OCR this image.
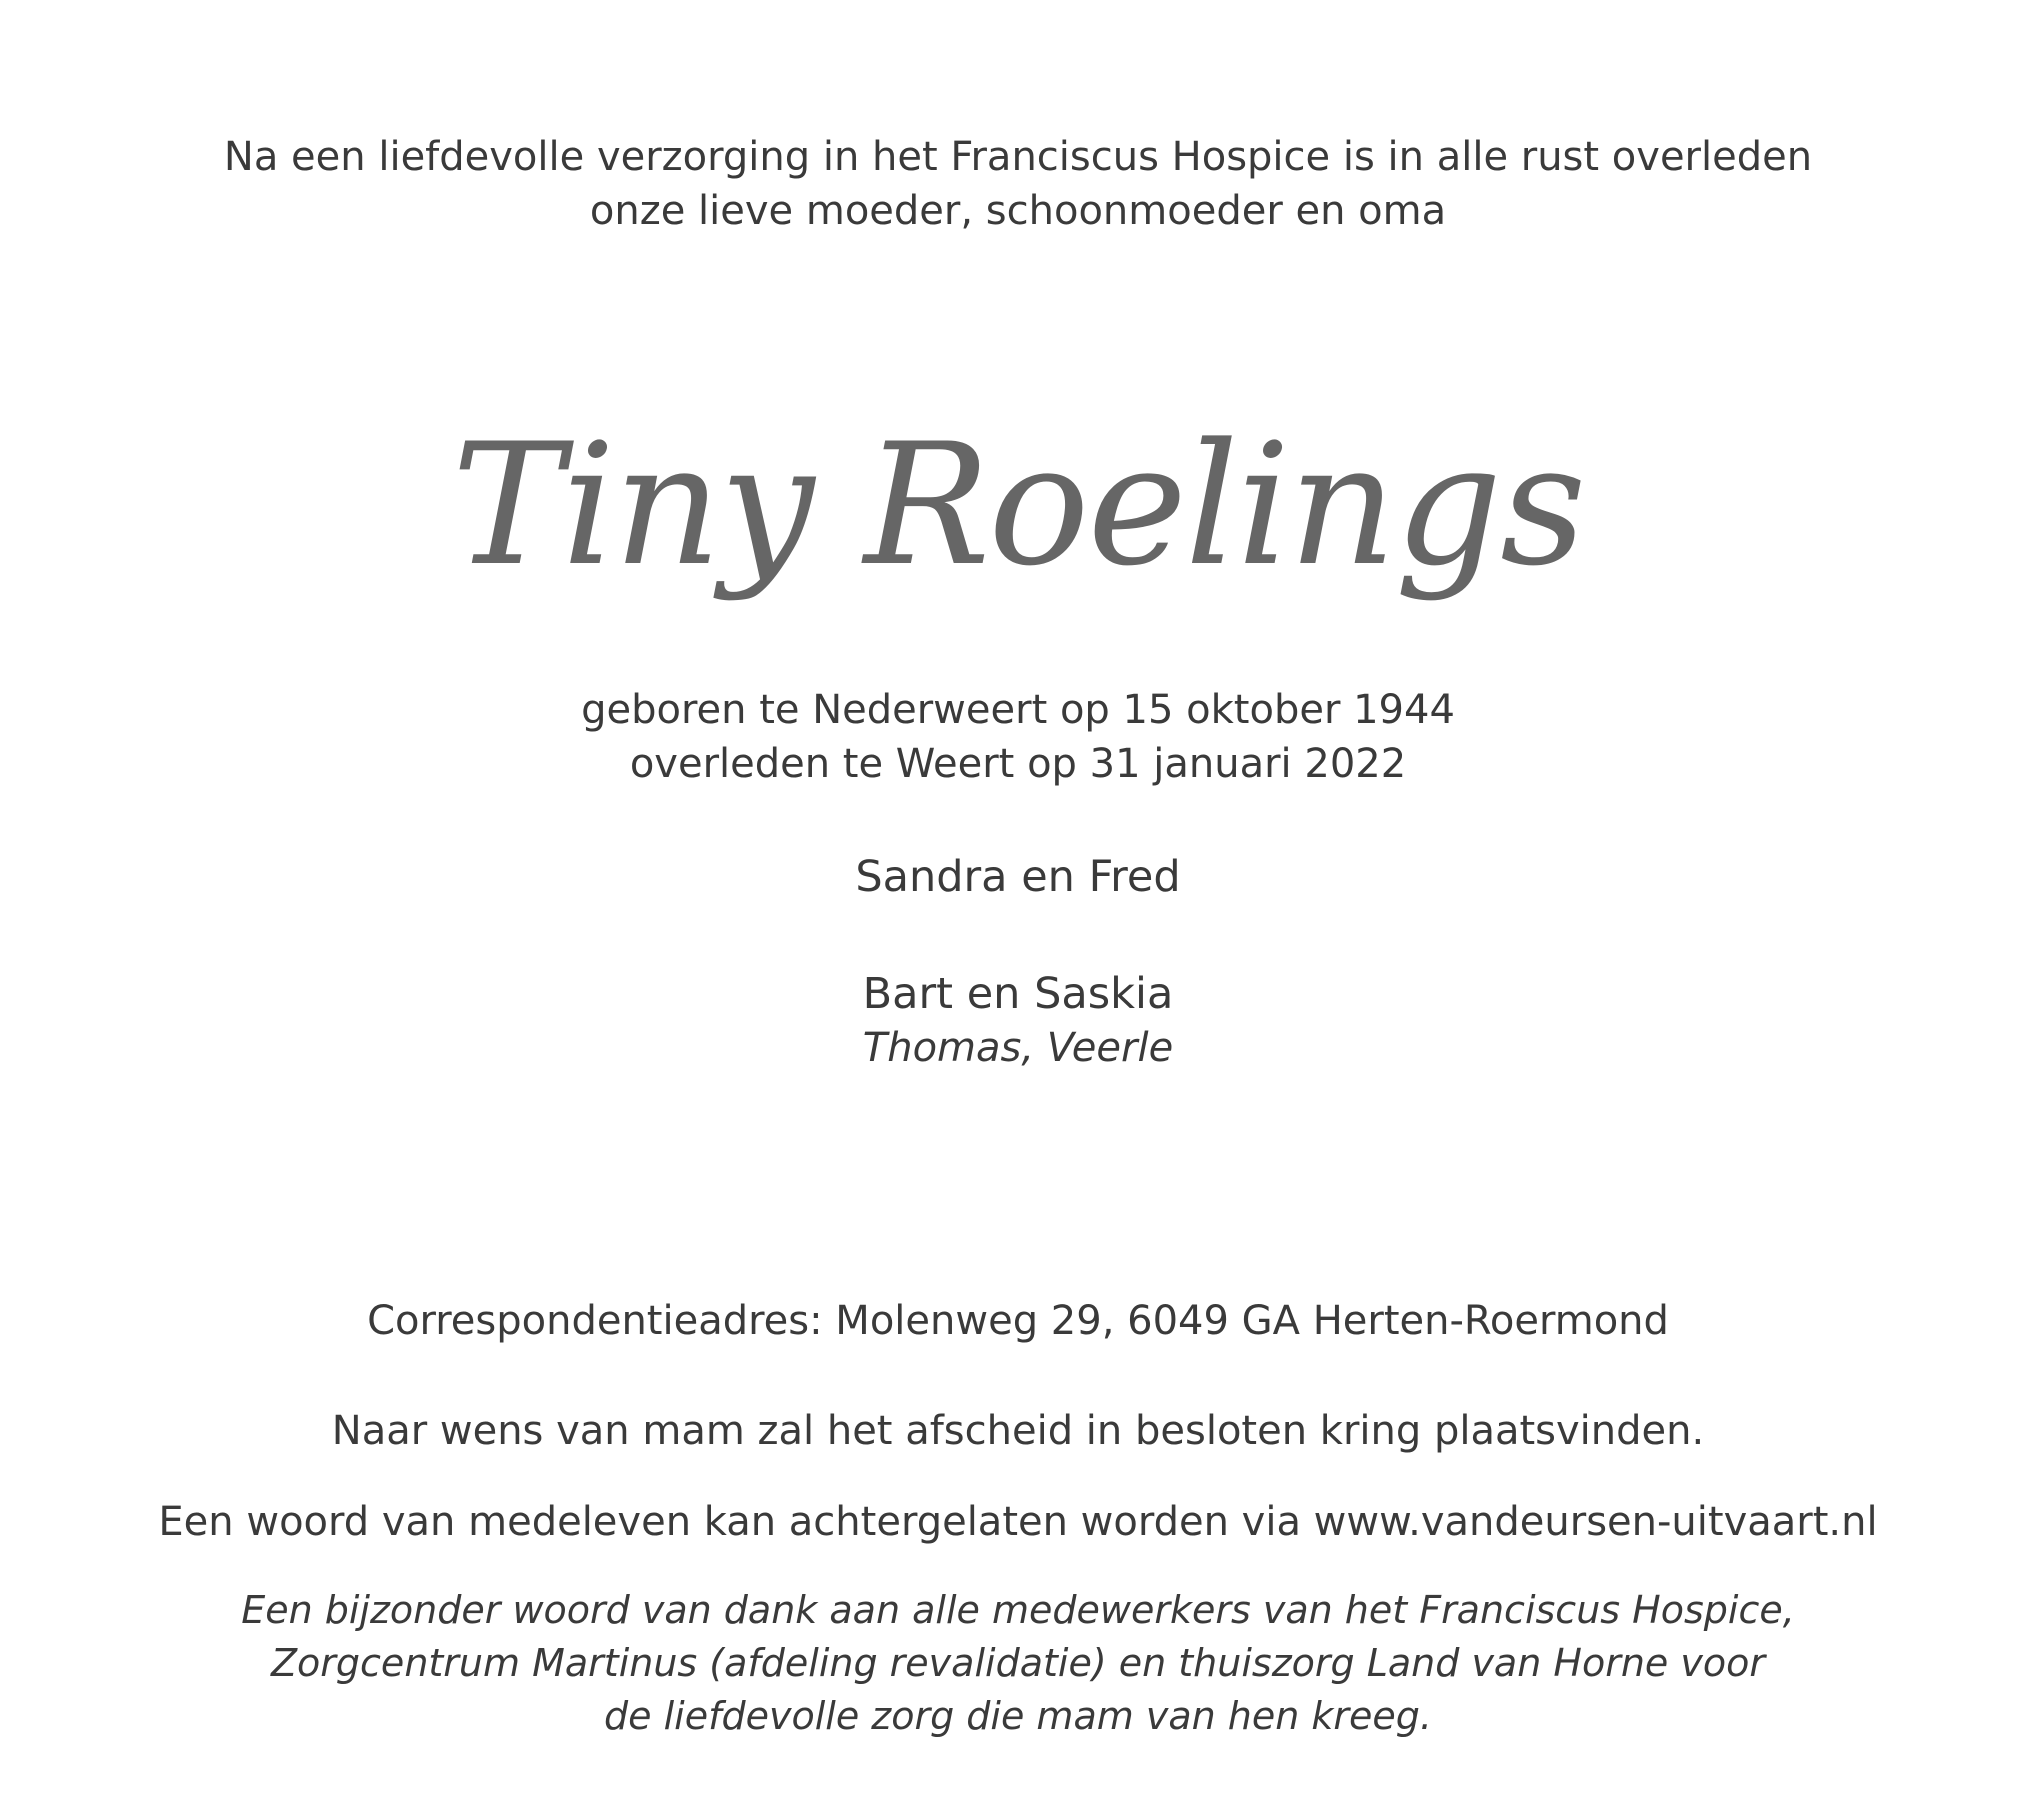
Na een liefdevolle verzorging in het Franciscus Hospice is in alle rust overleden
onze lieve moeder, schoonmoeder en oma
Tiny Roelings
geboren te Nederweert op 15 oktober 1944
overleden te Weert op 31 januari 2022
Sandra en Fred
Bart en Saskia
Thomas, Veerle
Correspondentieadres: Molenweg 29, 6049 GA Herten-Roermond
Naar wens van mam zal het afscheid in besloten kring plaatsvinden.
Een woord van medeleven kan achtergelaten worden via www.vandeursen-uitvaart.nl
Een bijzonder woord van dank aan alle medewerkers van het Franciscus Hospice,
Zorgcentrum Martinus (afdeling revalidatie) en thuiszorg Land van Horne voor
de liefdevolle zorg die mam van hen kreeg.
